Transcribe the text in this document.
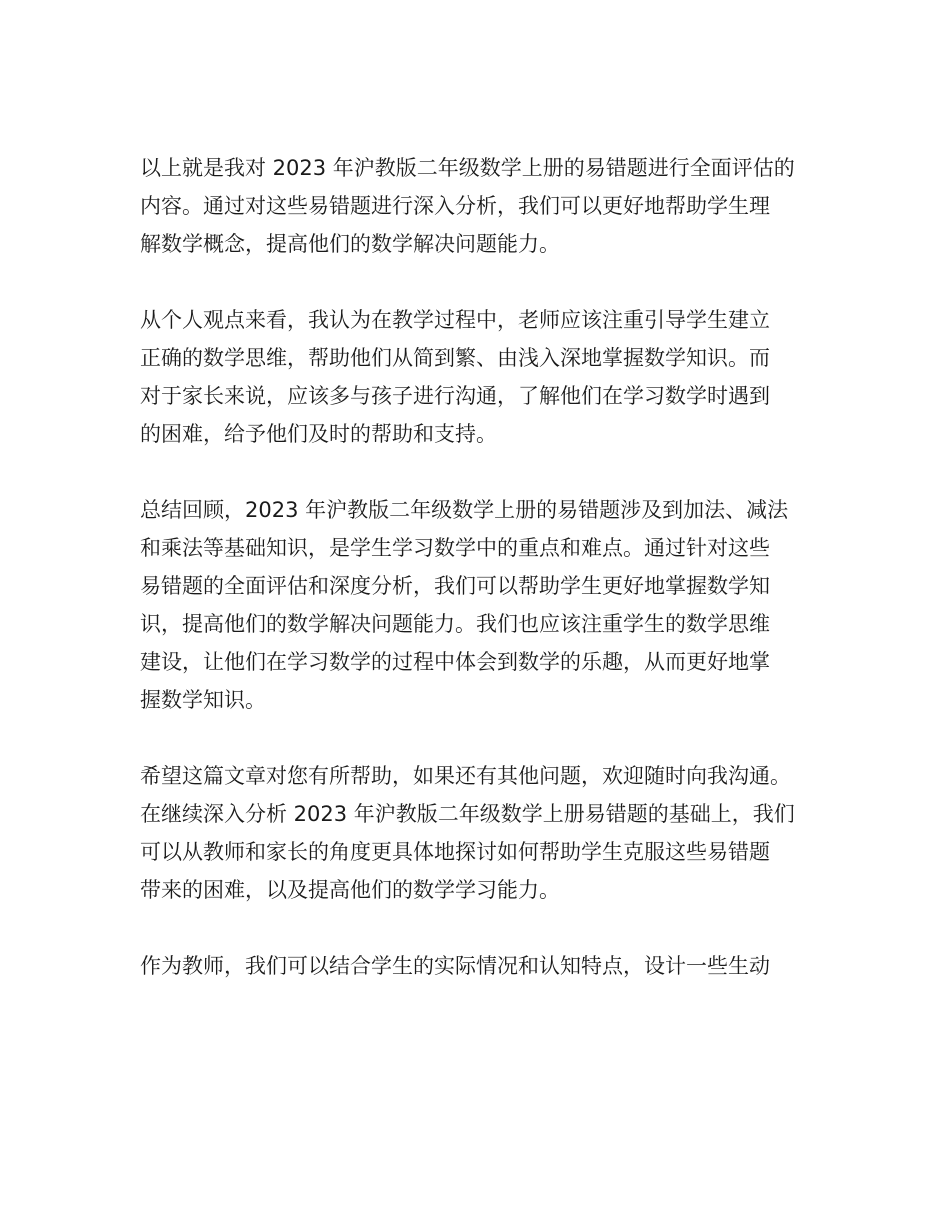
以上就是我对 2023 年沪教版二年级数学上册的易错题进行全面评估的
内容。通过对这些易错题进行深入分析，我们可以更好地帮助学生理
解数学概念，提高他们的数学解决问题能力。
从个人观点来看，我认为在教学过程中，老师应该注重引导学生建立
正确的数学思维，帮助他们从简到繁、由浅入深地掌握数学知识。而
对于家长来说，应该多与孩子进行沟通，了解他们在学习数学时遇到
的困难，给予他们及时的帮助和支持。
总结回顾，2023 年沪教版二年级数学上册的易错题涉及到加法、减法
和乘法等基础知识，是学生学习数学中的重点和难点。通过针对这些
易错题的全面评估和深度分析，我们可以帮助学生更好地掌握数学知
识，提高他们的数学解决问题能力。我们也应该注重学生的数学思维
建设，让他们在学习数学的过程中体会到数学的乐趣，从而更好地掌
握数学知识。
希望这篇文章对您有所帮助，如果还有其他问题，欢迎随时向我沟通。
在继续深入分析 2023 年沪教版二年级数学上册易错题的基础上，我们
可以从教师和家长的角度更具体地探讨如何帮助学生克服这些易错题
带来的困难，以及提高他们的数学学习能力。
作为教师，我们可以结合学生的实际情况和认知特点，设计一些生动
